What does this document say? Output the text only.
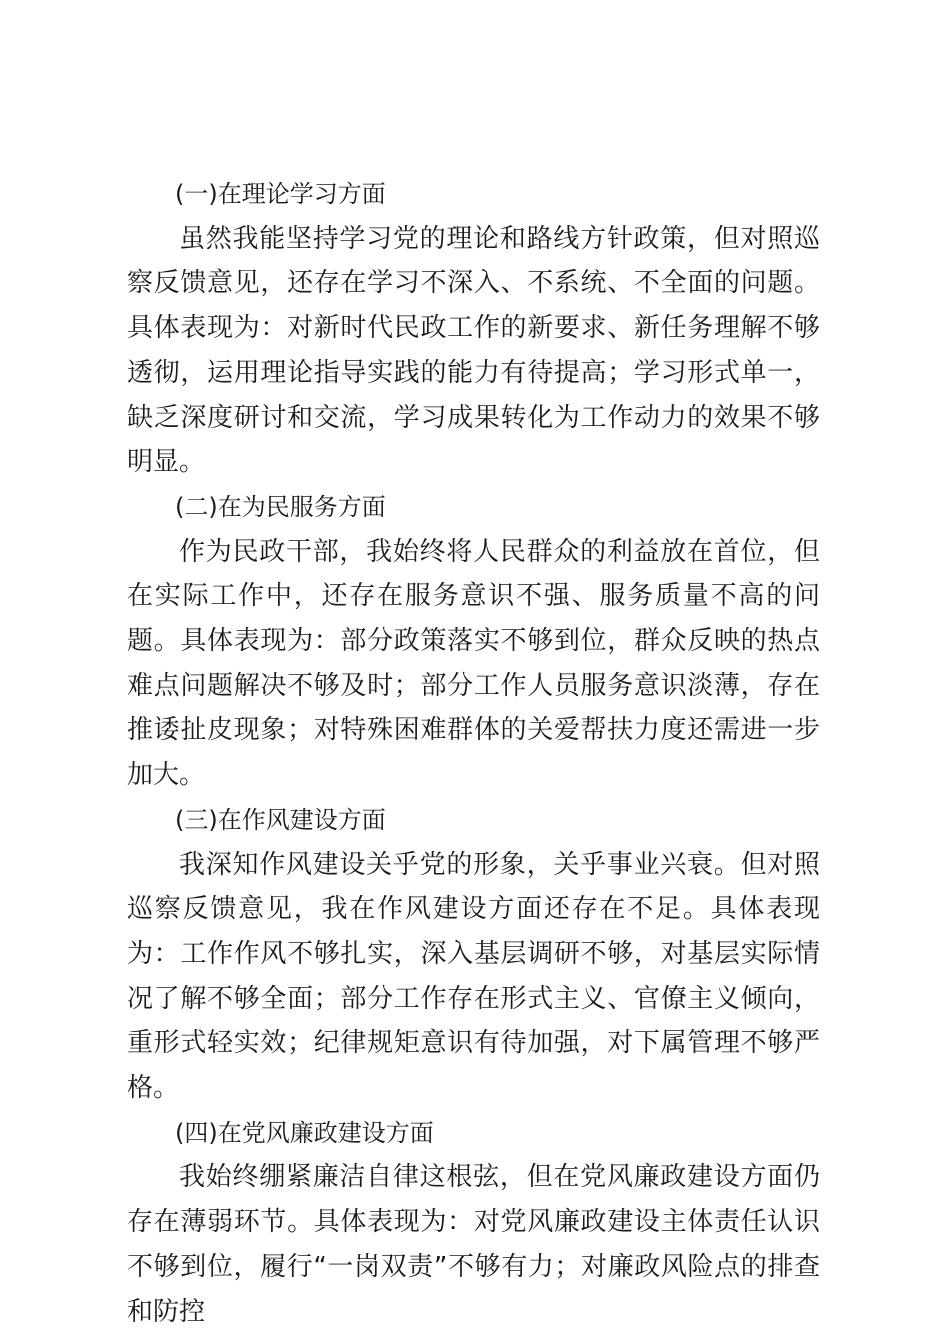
(一)在理论学习方面

虽然我能坚持学习党的理论和路线方针政策，但对照巡察反馈意见，还存在学习不深入、不系统、不全面的问题。具体表现为：对新时代民政工作的新要求、新任务理解不够透彻，运用理论指导实践的能力有待提高；学习形式单一，缺乏深度研讨和交流，学习成果转化为工作动力的效果不够明显。

(二)在为民服务方面

作为民政干部，我始终将人民群众的利益放在首位，但在实际工作中，还存在服务意识不强、服务质量不高的问题。具体表现为：部分政策落实不够到位，群众反映的热点难点问题解决不够及时；部分工作人员服务意识淡薄，存在推诿扯皮现象；对特殊困难群体的关爱帮扶力度还需进一步加大。

(三)在作风建设方面

我深知作风建设关乎党的形象，关乎事业兴衰。但对照巡察反馈意见，我在作风建设方面还存在不足。具体表现为：工作作风不够扎实，深入基层调研不够，对基层实际情况了解不够全面；部分工作存在形式主义、官僚主义倾向，重形式轻实效；纪律规矩意识有待加强，对下属管理不够严格。

(四)在党风廉政建设方面

我始终绷紧廉洁自律这根弦，但在党风廉政建设方面仍存在薄弱环节。具体表现为：对党风廉政建设主体责任认识不够到位，履行“一岗双责”不够有力；对廉政风险点的排查和防控
